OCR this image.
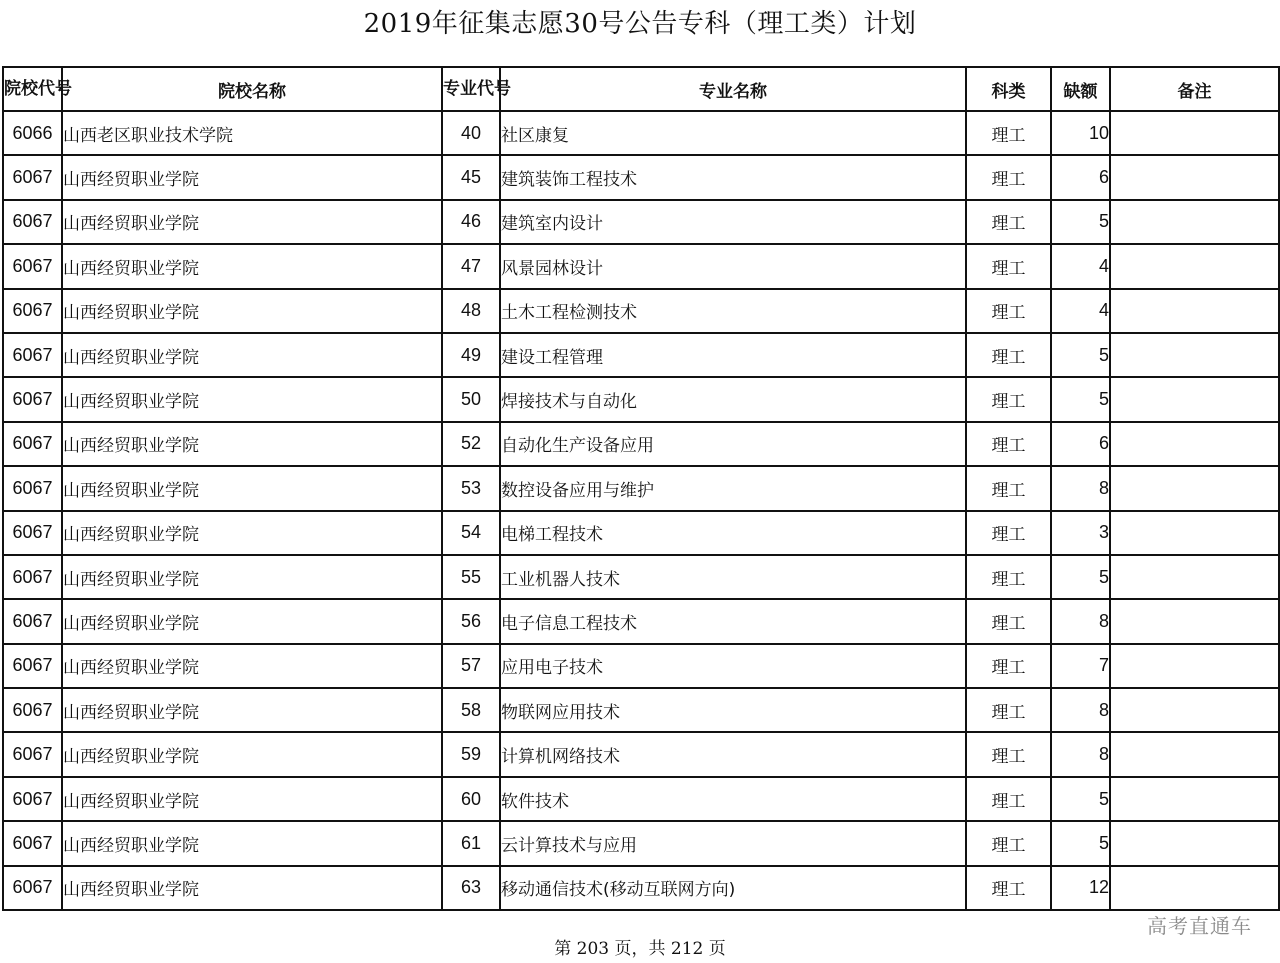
2019年征集志愿30号公告专科（理工类）计划
院校代号	院校名称	专业代号	专业名称	科类	缺额	备注
6066	山西老区职业技术学院	40	社区康复	理工	10	
6067	山西经贸职业学院	45	建筑装饰工程技术	理工	6	
6067	山西经贸职业学院	46	建筑室内设计	理工	5	
6067	山西经贸职业学院	47	风景园林设计	理工	4	
6067	山西经贸职业学院	48	土木工程检测技术	理工	4	
6067	山西经贸职业学院	49	建设工程管理	理工	5	
6067	山西经贸职业学院	50	焊接技术与自动化	理工	5	
6067	山西经贸职业学院	52	自动化生产设备应用	理工	6	
6067	山西经贸职业学院	53	数控设备应用与维护	理工	8	
6067	山西经贸职业学院	54	电梯工程技术	理工	3	
6067	山西经贸职业学院	55	工业机器人技术	理工	5	
6067	山西经贸职业学院	56	电子信息工程技术	理工	8	
6067	山西经贸职业学院	57	应用电子技术	理工	7	
6067	山西经贸职业学院	58	物联网应用技术	理工	8	
6067	山西经贸职业学院	59	计算机网络技术	理工	8	
6067	山西经贸职业学院	60	软件技术	理工	5	
6067	山西经贸职业学院	61	云计算技术与应用	理工	5	
6067	山西经贸职业学院	63	移动通信技术(移动互联网方向)	理工	12	
高考直通车
第 203 页，共 212 页
